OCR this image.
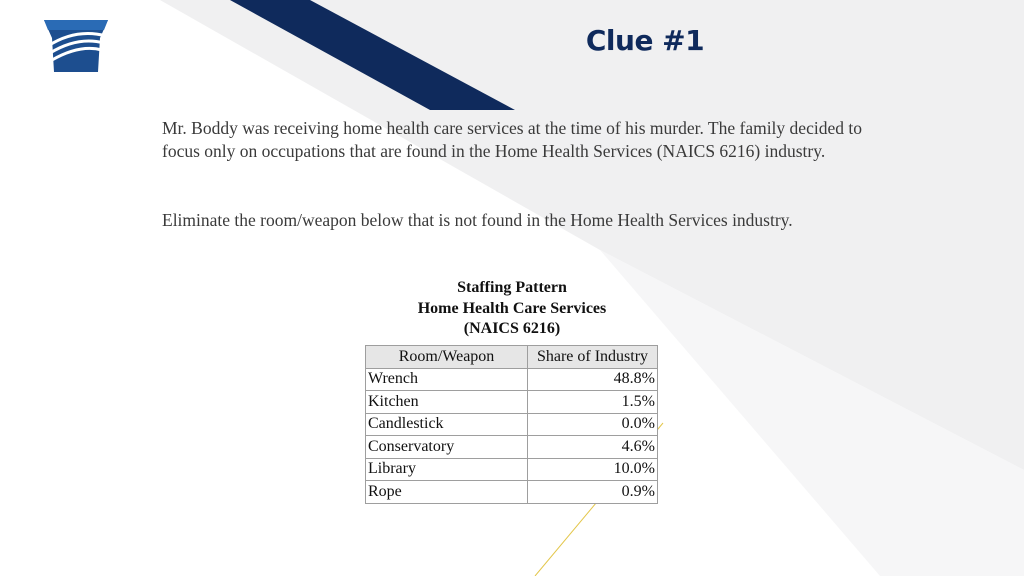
Clue #1

Mr. Boddy was receiving home health care services at the time of his murder. The family decided to focus only on occupations that are found in the Home Health Services (NAICS 6216) industry.

Eliminate the room/weapon below that is not found in the Home Health Services industry.

Staffing Pattern
Home Health Care Services
(NAICS 6216)
Room/Weapon	Share of Industry
Wrench	48.8%
Kitchen	1.5%
Candlestick	0.0%
Conservatory	4.6%
Library	10.0%
Rope	0.9%
